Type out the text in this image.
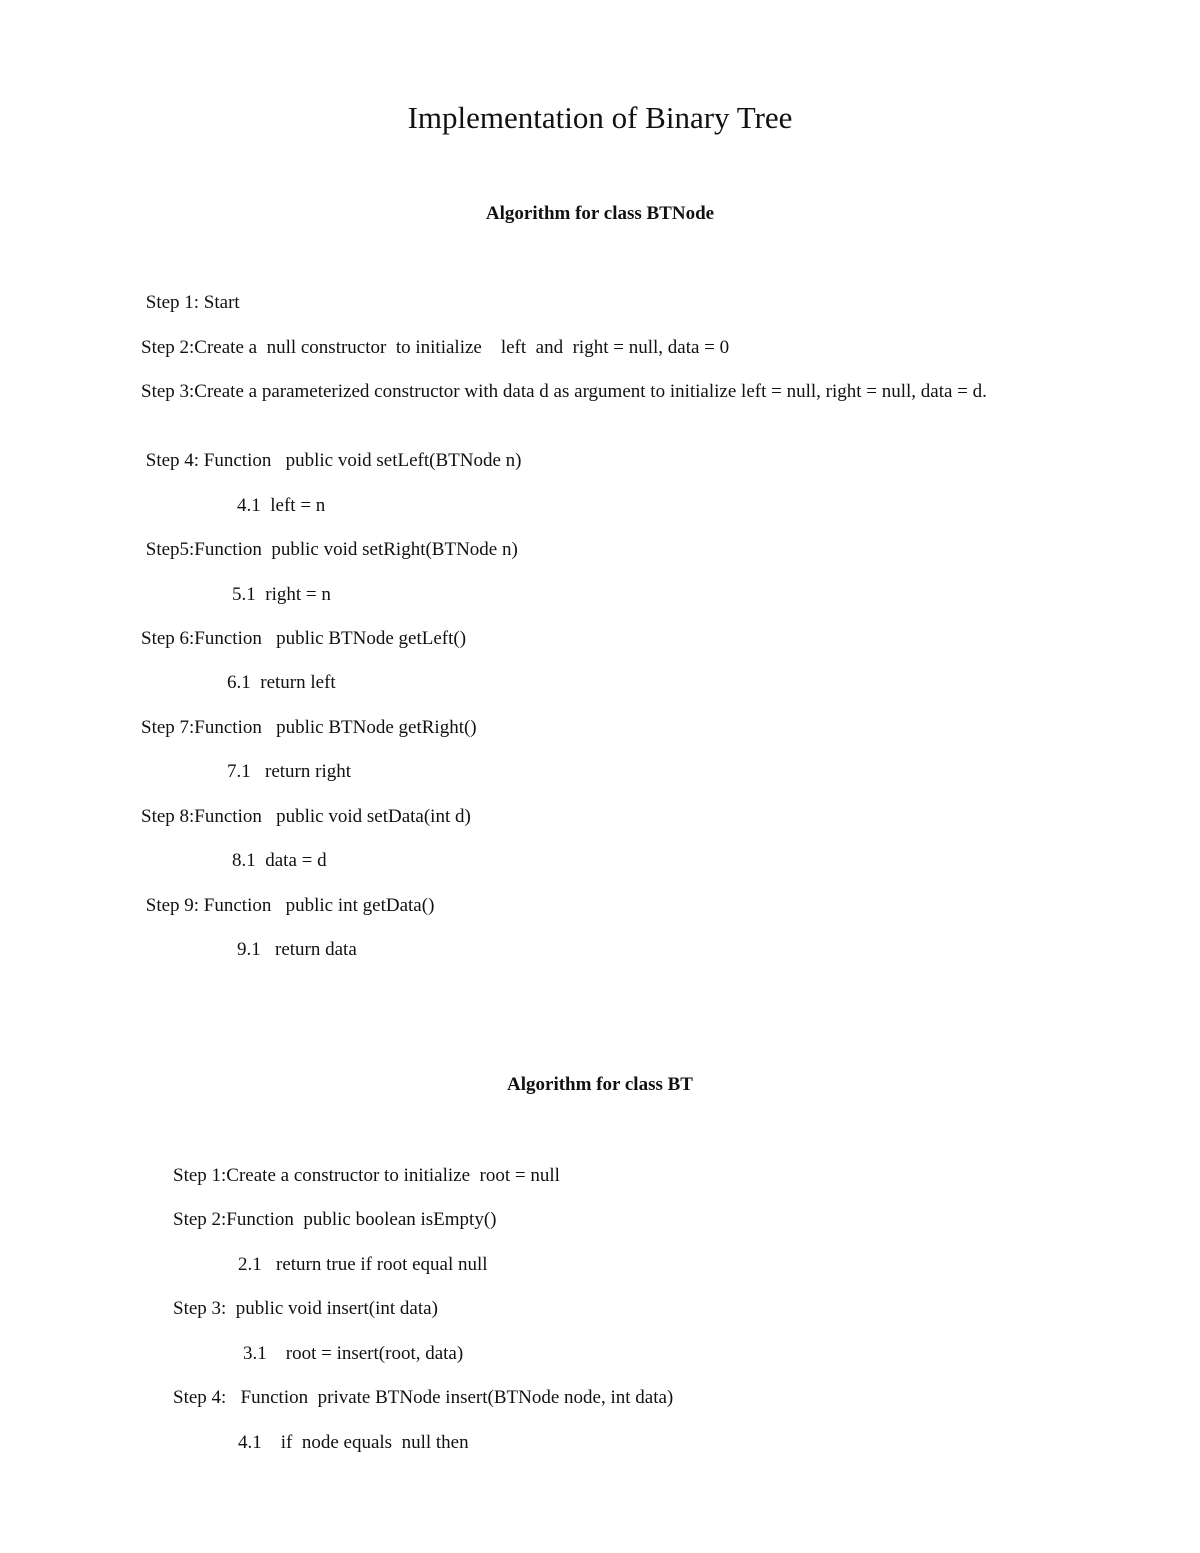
Implementation of Binary Tree
Algorithm for class BTNode
Step 1: Start
Step 2:Create a  null constructor  to initialize    left  and  right = null, data = 0
Step 3:Create a parameterized constructor with data d as argument to initialize left = null, right = null, data = d.
Step 4: Function   public void setLeft(BTNode n)
4.1  left = n
Step5:Function  public void setRight(BTNode n)
5.1  right = n
Step 6:Function   public BTNode getLeft()
6.1  return left
Step 7:Function   public BTNode getRight()
7.1   return right
Step 8:Function   public void setData(int d)
8.1  data = d
Step 9: Function   public int getData()
9.1   return data
Algorithm for class BT
Step 1:Create a constructor to initialize  root = null
Step 2:Function  public boolean isEmpty()
2.1   return true if root equal null
Step 3:  public void insert(int data)
3.1    root = insert(root, data)
Step 4:   Function  private BTNode insert(BTNode node, int data)
4.1    if  node equals  null then
